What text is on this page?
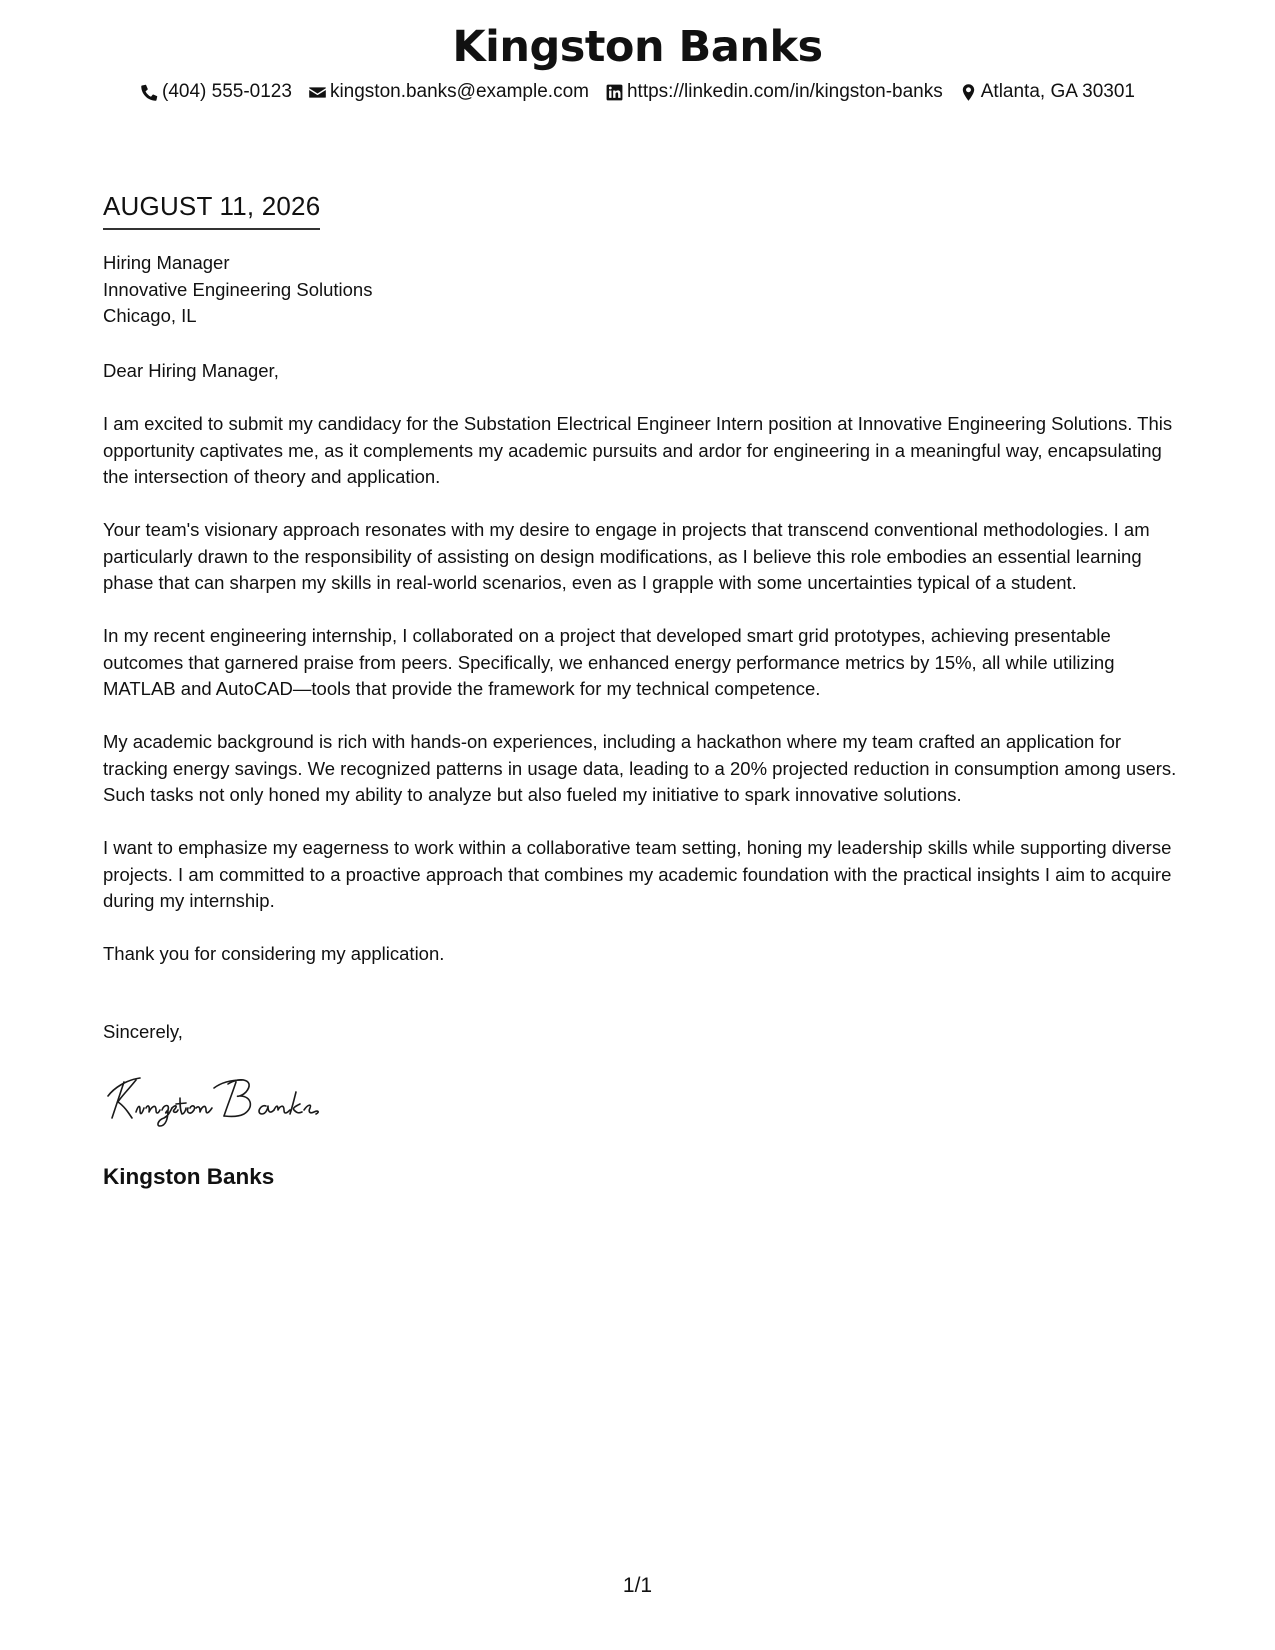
Kingston Banks
(404) 555-0123 kingston.banks@example.com https://linkedin.com/in/kingston-banks Atlanta, GA 30301
AUGUST 11, 2026
Hiring Manager
Innovative Engineering Solutions
Chicago, IL

Dear Hiring Manager,

I am excited to submit my candidacy for the Substation Electrical Engineer Intern position at Innovative Engineering Solutions. This opportunity captivates me, as it complements my academic pursuits and ardor for engineering in a meaningful way, encapsulating the intersection of theory and application.

Your team's visionary approach resonates with my desire to engage in projects that transcend conventional methodologies. I am particularly drawn to the responsibility of assisting on design modifications, as I believe this role embodies an essential learning phase that can sharpen my skills in real-world scenarios, even as I grapple with some uncertainties typical of a student.

In my recent engineering internship, I collaborated on a project that developed smart grid prototypes, achieving presentable outcomes that garnered praise from peers. Specifically, we enhanced energy performance metrics by 15%, all while utilizing MATLAB and AutoCAD—tools that provide the framework for my technical competence.

My academic background is rich with hands-on experiences, including a hackathon where my team crafted an application for tracking energy savings. We recognized patterns in usage data, leading to a 20% projected reduction in consumption among users. Such tasks not only honed my ability to analyze but also fueled my initiative to spark innovative solutions.

I want to emphasize my eagerness to work within a collaborative team setting, honing my leadership skills while supporting diverse projects. I am committed to a proactive approach that combines my academic foundation with the practical insights I aim to acquire during my internship.

Thank you for considering my application.

Sincerely,
Kingston Banks
1/1
